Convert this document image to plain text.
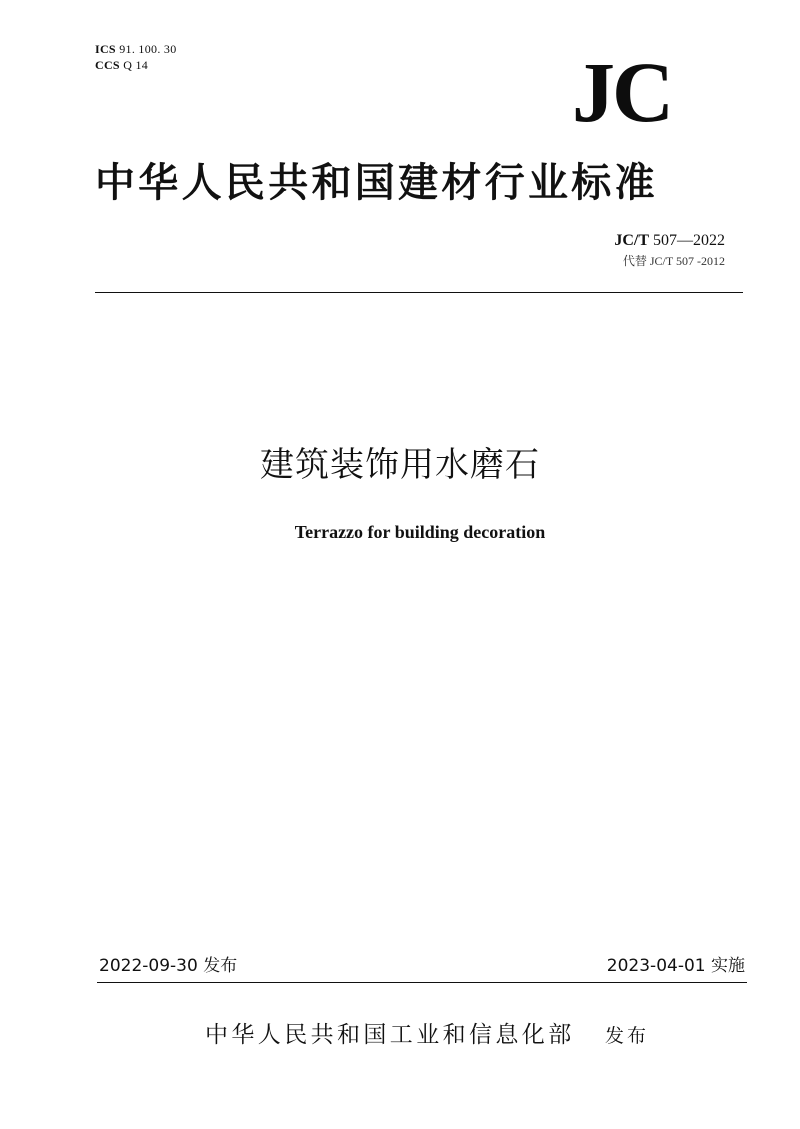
ICS 91. 100. 30
CCS Q 14	JC
中华人民共和国建材行业标准
JC/T 507—2022
代替 JC/T 507 -2012
建筑装饰用水磨石
Terrazzo for building decoration
2022-09-30 发布	2023-04-01 实施
中华人民共和国工业和信息化部 发布
